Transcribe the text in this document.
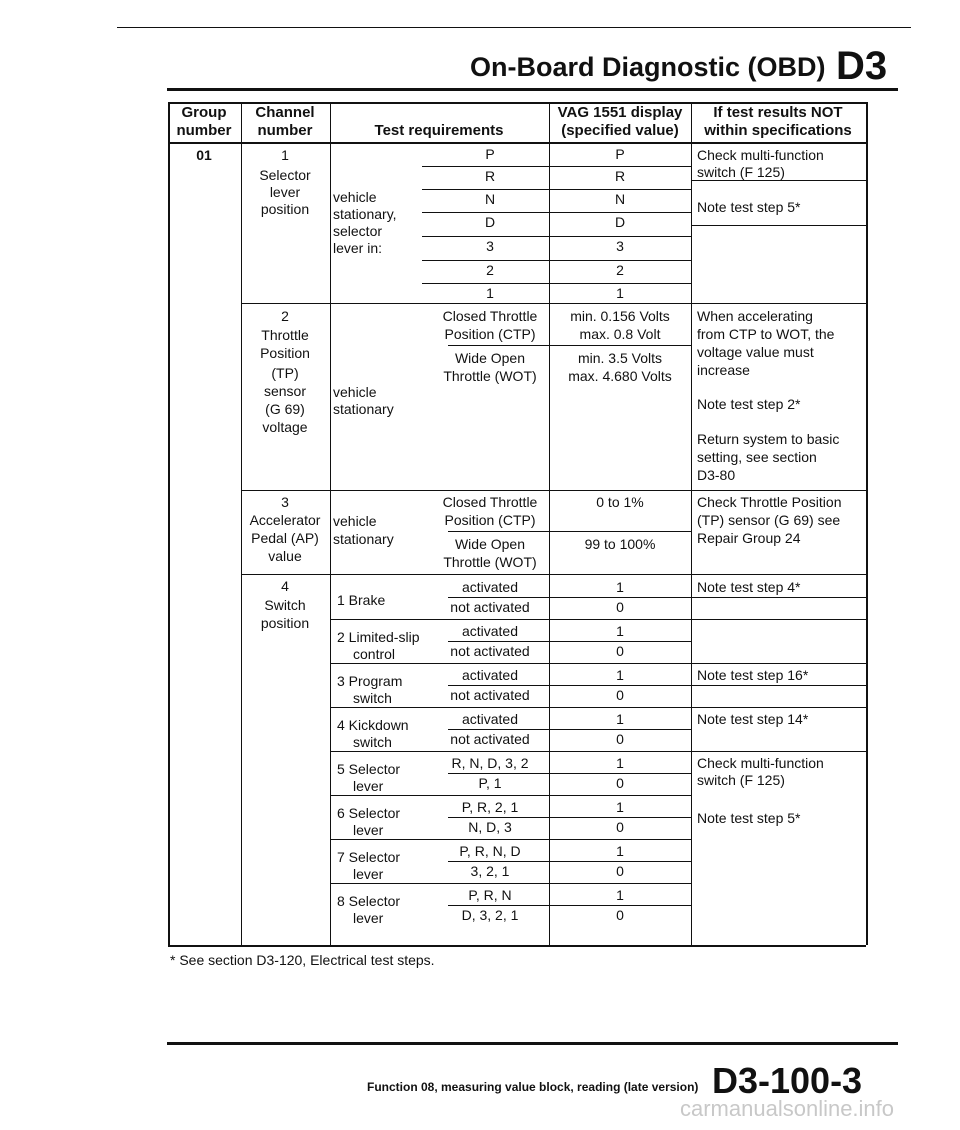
On-Board Diagnostic (OBD) D3
Group
number
Channel
number	Test requirements
VAG 1551 display
(specified value)
If test results NOT
within specifications
01	P
R
N
D
3
2
1
P
R
N
D
3
2
1
1
Selector
lever
position
vehicle
stationary,
selector
lever in:
Check multi-function
switch (F 125)
Note test step 5*
2
Throttle
Position
(TP)
sensor
(G 69)
voltage
vehicle
stationary
Closed Throttle
Position (CTP)
Wide Open
Throttle (WOT)
min. 0.156 Volts
max. 0.8 Volt
min. 3.5 Volts
max. 4.680 Volts
When accelerating
from CTP to WOT, the
voltage value must
increase
Note test step 2*
Return system to basic
setting, see section
D3-80
3
Accelerator
Pedal (AP)
value
vehicle
stationary
Closed Throttle
Position (CTP)
Wide Open
Throttle (WOT)
0 to 1%
99 to 100%
Check Throttle Position
(TP) sensor (G 69) see
Repair Group 24
4
Switch
position
activated
not activated
1
0
1 Brake
activated
not activated
1
0
2 Limited-slip
control
activated
not activated
1
0
3 Program
switch
activated
not activated
1
0
4 Kickdown
switch
R, N, D, 3, 2
P, 1
1
0
5 Selector
lever
P, R, 2, 1
N, D, 3
1
0
6 Selector
lever
P, R, N, D
3, 2, 1
1
0
7 Selector
lever
P, R, N
D, 3, 2, 1
1
0
8 Selector
lever
Note test step 4*
Note test step 16*
Note test step 14*
Check multi-function
switch (F 125)
Note test step 5*
* See section D3-120, Electrical test steps.
Function 08, measuring value block, reading (late version) D3-100-3
carmanualsonline.info
